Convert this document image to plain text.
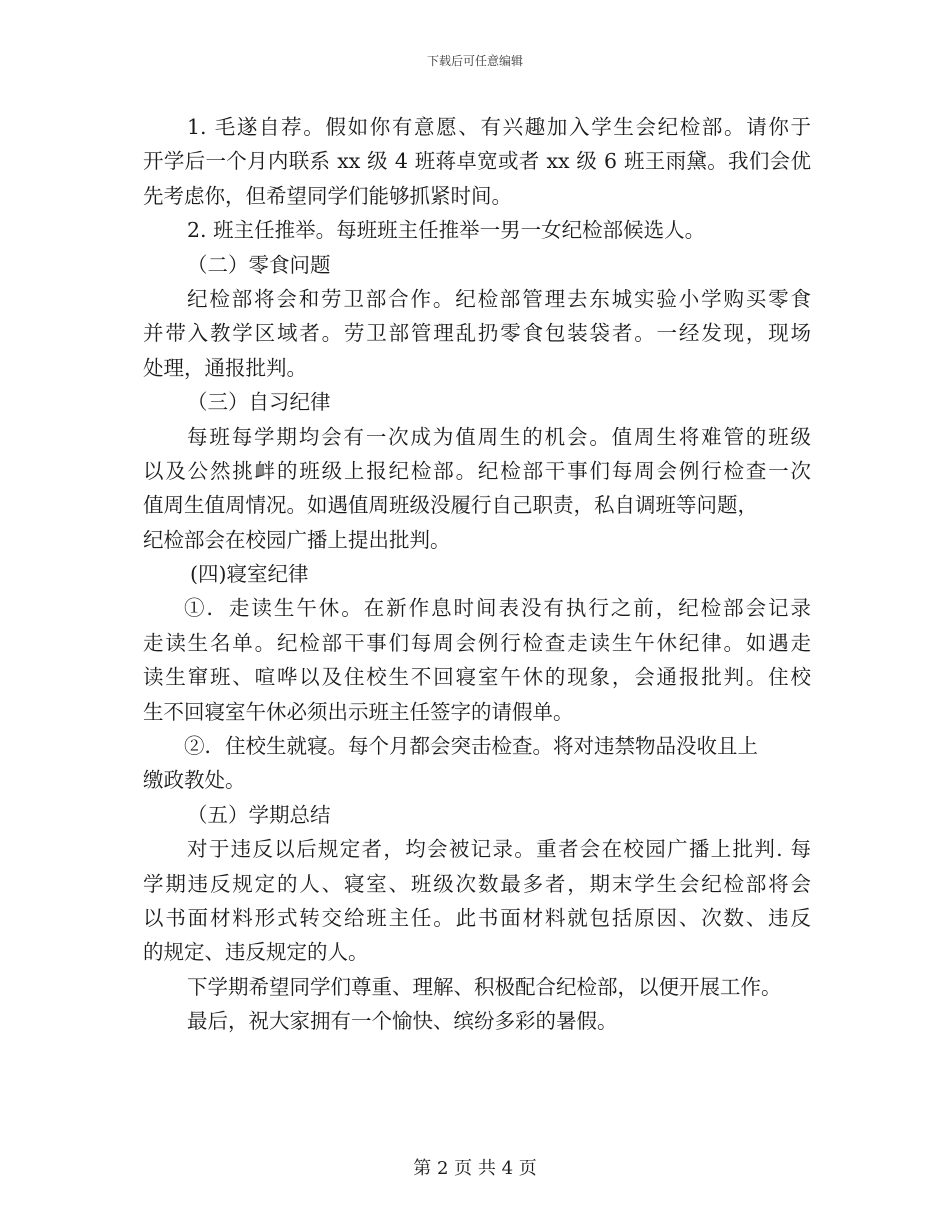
下载后可任意编辑
1. 毛遂自荐。假如你有意愿、有兴趣加入学生会纪检部。请你于
开学后一个月内联系 xx 级 4 班蒋卓宽或者 xx 级 6 班王雨黛。我们会优
先考虑你，但希望同学们能够抓紧时间。
2. 班主任推举。每班班主任推举一男一女纪检部候选人。
（二）零食问题
纪检部将会和劳卫部合作。纪检部管理去东城实验小学购买零食
并带入教学区域者。劳卫部管理乱扔零食包装袋者。一经发现，现场
处理，通报批判。
（三）自习纪律
每班每学期均会有一次成为值周生的机会。值周生将难管的班级
以及公然挑衅的班级上报纪检部。纪检部干事们每周会例行检查一次
值周生值周情况。如遇值周班级没履行自己职责，私自调班等问题，
纪检部会在校园广播上提出批判。
(四)寝室纪律
①．走读生午休。在新作息时间表没有执行之前，纪检部会记录
走读生名单。纪检部干事们每周会例行检查走读生午休纪律。如遇走
读生窜班、喧哗以及住校生不回寝室午休的现象，会通报批判。住校
生不回寝室午休必须出示班主任签字的请假单。
②．住校生就寝。每个月都会突击检查。将对违禁物品没收且上
缴政教处。
（五）学期总结
对于违反以后规定者，均会被记录。重者会在校园广播上批判. 每
学期违反规定的人、寝室、班级次数最多者，期末学生会纪检部将会
以书面材料形式转交给班主任。此书面材料就包括原因、次数、违反
的规定、违反规定的人。
下学期希望同学们尊重、理解、积极配合纪检部，以便开展工作。
最后，祝大家拥有一个愉快、缤纷多彩的暑假。
第 2 页 共 4 页
